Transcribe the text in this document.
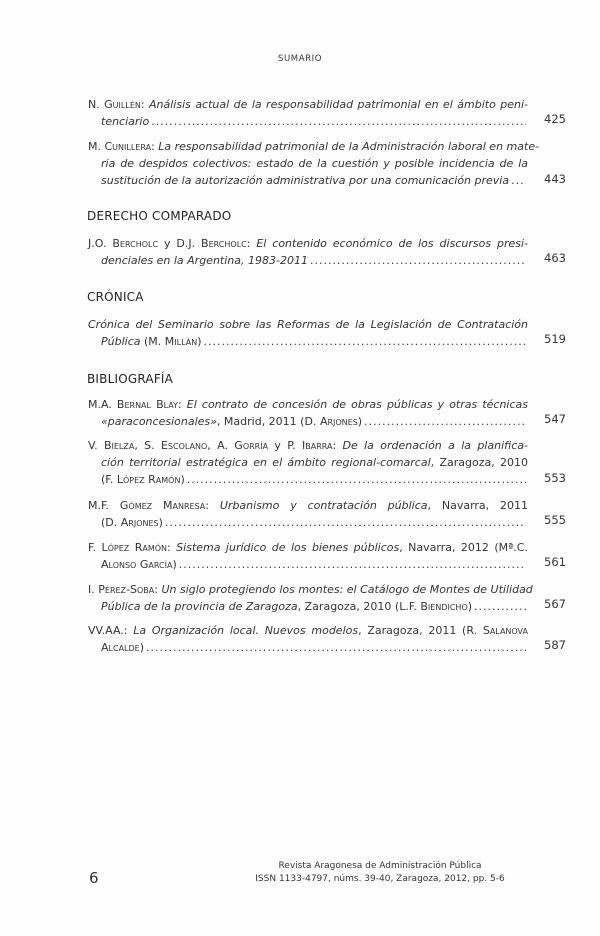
SUMARIO
N. Guillén: Análisis actual de la responsabilidad patrimonial en el ámbito peni-
tenciario .....	425
M. Cunillera: La responsabilidad patrimonial de la Administración laboral en mate-
ria de despidos colectivos: estado de la cuestión y posible incidencia de la
sustitución de la autorización administrativa por una comunicación previa .....	443
DERECHO COMPARADO
J.O. Bercholc y D.J. Bercholc: El contenido económico de los discursos presi-
denciales en la Argentina, 1983-2011 .....	463
CRÓNICA
Crónica del Seminario sobre las Reformas de la Legislación de Contratación
Pública (M. Millán) .....	519
BIBLIOGRAFÍA
M.A. Bernal Blay: El contrato de concesión de obras públicas y otras técnicas
«paraconcesionales», Madrid, 2011 (D. Arjones) .....	547
V. Bielza, S. Escolano, A. Gorría y P. Ibarra: De la ordenación a la planifica-
ción territorial estratégica en el ámbito regional-comarcal, Zaragoza, 2010
(F. López Ramón) .....	553
M.F. Gómez Manresa: Urbanismo y contratación pública, Navarra, 2011
(D. Arjones) .....	555
F. López Ramón: Sistema jurídico de los bienes públicos, Navarra, 2012 (Mª.C.
Alonso García) .....	561
I. Pérez-Soba: Un siglo protegiendo los montes: el Catálogo de Montes de Utilidad
Pública de la provincia de Zaragoza, Zaragoza, 2010 (L.F. Biendicho) .....	567
VV.AA.: La Organización local. Nuevos modelos, Zaragoza, 2011 (R. Salanova
Alcalde) .....	587
6
Revista Aragonesa de Administración Pública
ISSN 1133-4797, núms. 39-40, Zaragoza, 2012, pp. 5-6
